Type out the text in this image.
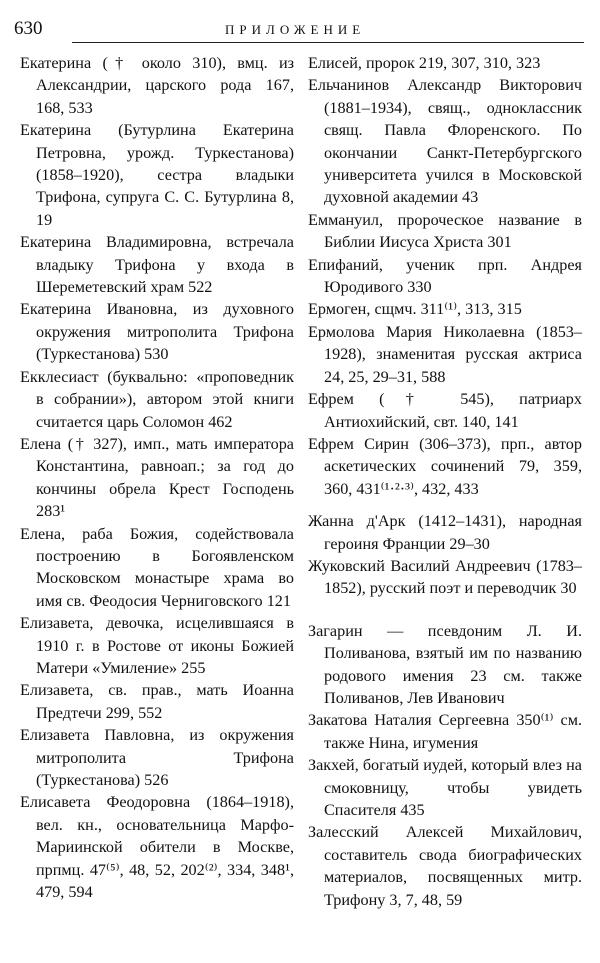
630	ПРИЛОЖЕНИЕ

Екатерина († около 310), вмц. из Александрии, царского рода 167, 168, 533

Екатерина (Бутурлина Екатерина Петровна, урожд. Туркестанова) (1858–1920), сестра владыки Трифона, супруга С. С. Бутурлина 8, 19

Екатерина Владимировна, встречала владыку Трифона у входа в Шереметевский храм 522

Екатерина Ивановна, из духовного окружения митрополита Трифона (Туркестанова) 530

Екклесиаст (буквально: «проповедник в собрании»), автором этой книги считается царь Соломон 462

Елена († 327), имп., мать императора Константина, равноап.; за год до кончины обрела Крест Господень 283¹

Елена, раба Божия, содействовала построению в Богоявленском Московском монастыре храма во имя св. Феодосия Черниговского 121

Елизавета, девочка, исцелившаяся в 1910 г. в Ростове от иконы Божией Матери «Умиление» 255

Елизавета, св. прав., мать Иоанна Предтечи 299, 552

Елизавета Павловна, из окружения митрополита Трифона (Туркестанова) 526

Елисавета Феодоровна (1864–1918), вел. кн., основательница Марфо-Мариинской обители в Москве, прпмц. 47⁽⁵⁾, 48, 52, 202⁽²⁾, 334, 348¹, 479, 594

Елисей, пророк 219, 307, 310, 323

Ельчанинов Александр Викторович (1881–1934), свящ., одноклассник свящ. Павла Флоренского. По окончании Санкт-Петербургского университета учился в Московской духовной академии 43

Еммануил, пророческое название в Библии Иисуса Христа 301

Епифаний, ученик прп. Андрея Юродивого 330

Ермоген, сщмч. 311⁽¹⁾, 313, 315

Ермолова Мария Николаевна (1853–1928), знаменитая русская актриса 24, 25, 29–31, 588

Ефрем († 545), патриарх Антиохийский, свт. 140, 141

Ефрем Сирин (306–373), прп., автор аскетических сочинений 79, 359, 360, 431⁽¹·²·³⁾, 432, 433

Жанна д'Арк (1412–1431), народная героиня Франции 29–30

Жуковский Василий Андреевич (1783–1852), русский поэт и переводчик 30

Загарин — псевдоним Л. И. Поливанова, взятый им по названию родового имения 23 см. также Поливанов, Лев Иванович

Закатова Наталия Сергеевна 350⁽¹⁾ см. также Нина, игумения

Закхей, богатый иудей, который влез на смоковницу, чтобы увидеть Спасителя 435

Залесский Алексей Михайлович, составитель свода биографических материалов, посвященных митр. Трифону 3, 7, 48, 59
